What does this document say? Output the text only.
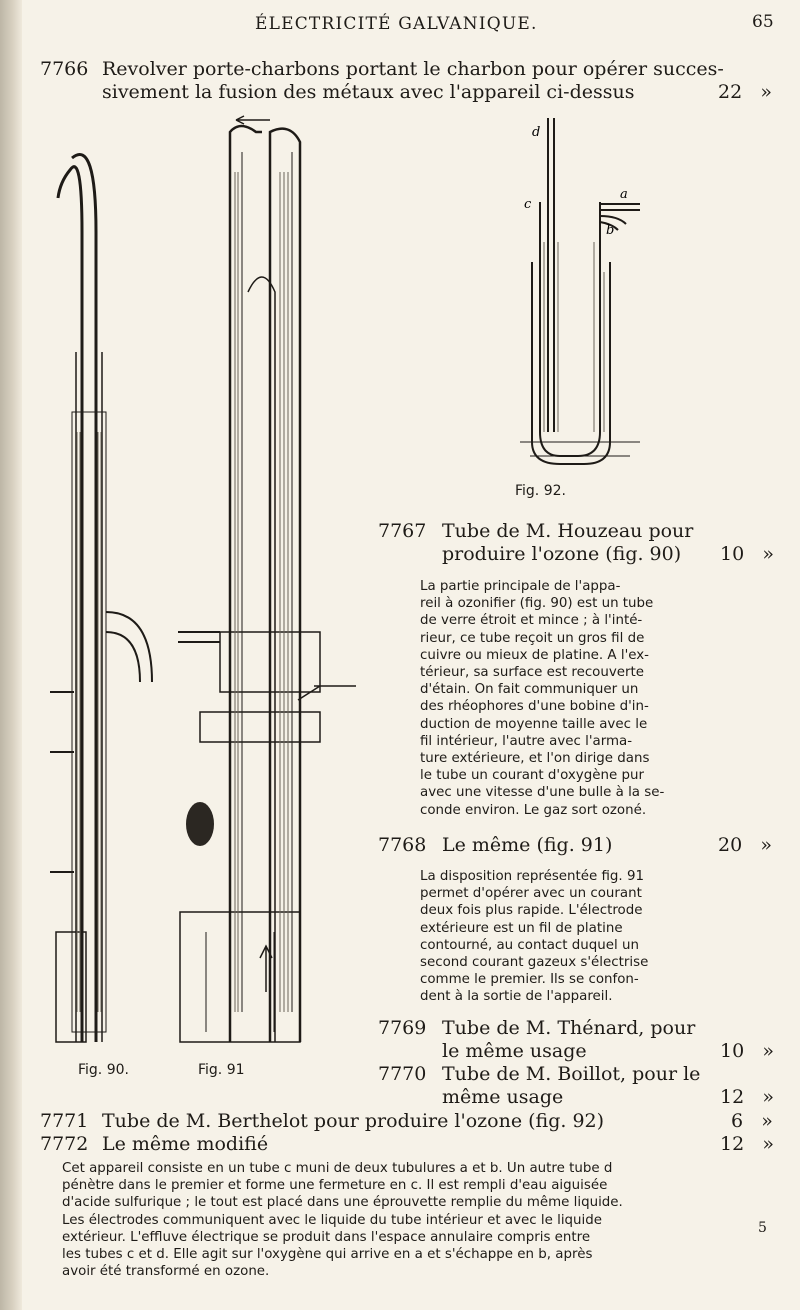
ÉLECTRICITÉ GALVANIQUE.	65
7766 Revolver porte-charbons portant le charbon pour opérer succes-
sivement la fusion des métaux avec l'appareil ci-dessus	22 »
Fig. 90.	Fig. 91
d
c
a
b
Fig. 92.
7767 Tube de M. Houzeau pour
produire l'ozone (fig. 90) 10 »
La partie principale de l'appa-
reil à ozonifier (fig. 90) est un tube
de verre étroit et mince ; à l'inté-
rieur, ce tube reçoit un gros fil de
cuivre ou mieux de platine. A l'ex-
térieur, sa surface est recouverte
d'étain. On fait communiquer un
des rhéophores d'une bobine d'in-
duction de moyenne taille avec le
fil intérieur, l'autre avec l'arma-
ture extérieure, et l'on dirige dans
le tube un courant d'oxygène pur
avec une vitesse d'une bulle à la se-
conde environ. Le gaz sort ozoné.
7768 Le même (fig. 91)	20 »
La disposition représentée fig. 91
permet d'opérer avec un courant
deux fois plus rapide. L'électrode
extérieure est un fil de platine
contourné, au contact duquel un
second courant gazeux s'électrise
comme le premier. Ils se confon-
dent à la sortie de l'appareil.
7769 Tube de M. Thénard, pour
le même usage	10 »
7770 Tube de M. Boillot, pour le
même usage	12 »
7771 Tube de M. Berthelot pour produire l'ozone (fig. 92)	6 »
7772 Le même modifié	12 »
Cet appareil consiste en un tube c muni de deux tubulures a et b. Un autre tube d
pénètre dans le premier et forme une fermeture en c. Il est rempli d'eau aiguisée
d'acide sulfurique ; le tout est placé dans une éprouvette remplie du même liquide.
Les électrodes communiquent avec le liquide du tube intérieur et avec le liquide
extérieur. L'effluve électrique se produit dans l'espace annulaire compris entre
les tubes c et d. Elle agit sur l'oxygène qui arrive en a et s'échappe en b, après
avoir été transformé en ozone.
5
